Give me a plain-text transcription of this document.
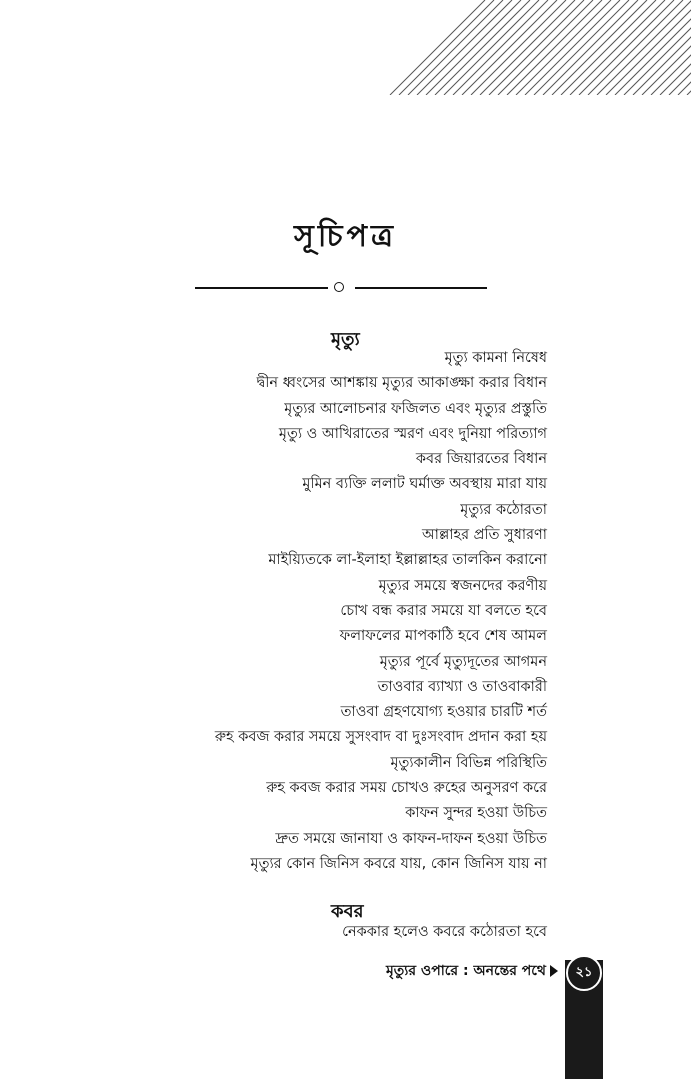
সূচিপত্র
মৃত্যু
মৃত্যু কামনা নিষেধ
দ্বীন ধ্বংসের আশঙ্কায় মৃত্যুর আকাঙ্ক্ষা করার বিধান
মৃত্যুর আলোচনার ফজিলত এবং মৃত্যুর প্রস্তুতি
মৃত্যু ও আখিরাতের স্মরণ এবং দুনিয়া পরিত্যাগ
কবর জিয়ারতের বিধান
মুমিন ব্যক্তি ললাট ঘর্মাক্ত অবস্থায় মারা যায়
মৃত্যুর কঠোরতা
আল্লাহর প্রতি সুধারণা
মাইয়্যিতকে লা-ইলাহা ইল্লাল্লাহর তালকিন করানো
মৃত্যুর সময়ে স্বজনদের করণীয়
চোখ বন্ধ করার সময়ে যা বলতে হবে
ফলাফলের মাপকাঠি হবে শেষ আমল
মৃত্যুর পূর্বে মৃত্যুদূতের আগমন
তাওবার ব্যাখ্যা ও তাওবাকারী
তাওবা গ্রহণযোগ্য হওয়ার চারটি শর্ত
রুহ কবজ করার সময়ে সুসংবাদ বা দুঃসংবাদ প্রদান করা হয়
মৃত্যুকালীন বিভিন্ন পরিস্থিতি
রুহ কবজ করার সময় চোখও রুহের অনুসরণ করে
কাফন সুন্দর হওয়া উচিত
দ্রুত সময়ে জানাযা ও কাফন-দাফন হওয়া উচিত
মৃত্যুর কোন জিনিস কবরে যায়, কোন জিনিস যায় না
কবর
নেককার হলেও কবরে কঠোরতা হবে
মৃত্যুর ওপারে : অনন্তের পথে	২১
